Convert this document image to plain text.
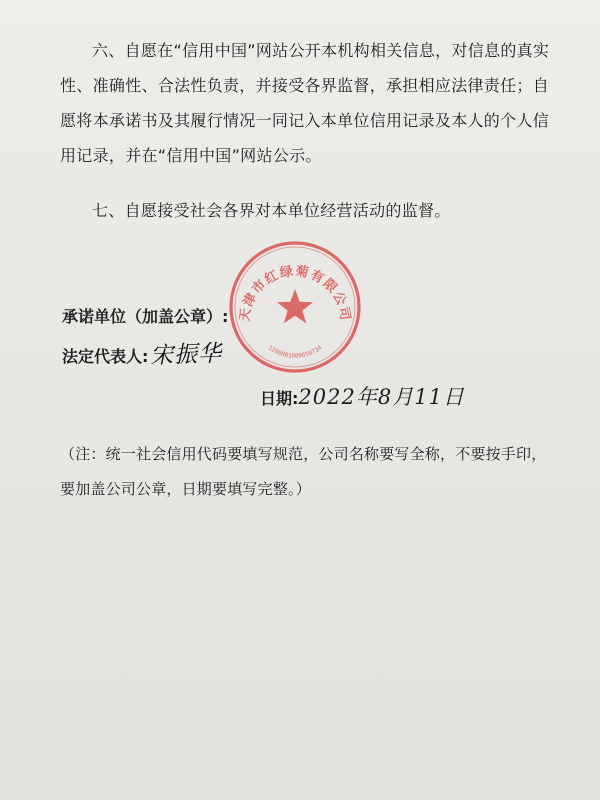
六、自愿在“信用中国”网站公开本机构相关信息，对信息的真实性、准确性、合法性负责，并接受各界监督，承担相应法律责任；自愿将本承诺书及其履行情况一同记入本单位信用记录及本人的个人信用记录，并在“信用中国”网站公示。

七、自愿接受社会各界对本单位经营活动的监督。

天津市红绿菊有限公司
1200001009650734
承诺单位（加盖公章）:
法定代表人: 宋振华
日期:2022年8月11日

（注：统一社会信用代码要填写规范，公司名称要写全称，不要按手印，要加盖公司公章，日期要填写完整。）
